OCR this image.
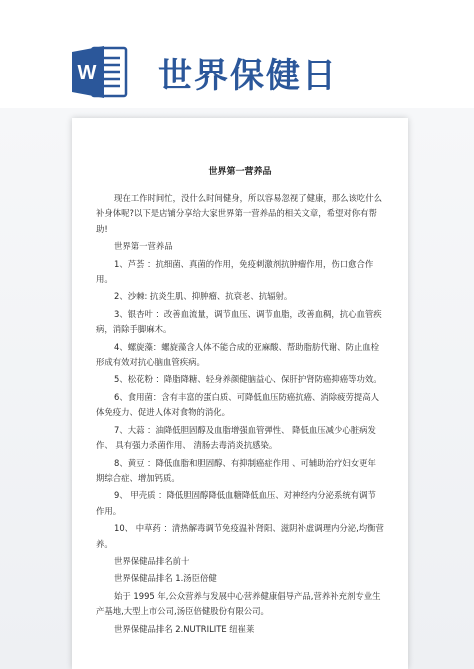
W 世界保健日
世界第一营养品

现在工作时间忙，没什么时间健身，所以容易忽视了健康，那么该吃什么补身体呢?以下是店铺分享给大家世界第一营养品的相关文章，希望对你有帮助!

世界第一营养品

1、芦荟 ：抗细菌、真菌的作用，免疫刺激剂抗肿瘤作用，伤口愈合作用。

2、沙棘: 抗炎生肌、抑肿瘤、抗衰老、抗辐射。

3、银杏叶 ：改善血流量，调节血压、调节血脂，改善血稠，抗心血管疾病，消除手脚麻木。

4、螺旋藻：螺旋藻含人体不能合成的亚麻酸、帮助脂肪代谢、防止血栓形成有效对抗心脑血管疾病。

5、松花粉 ：降脂降糖、轻身养颜健脑益心、保肝护肾防癌抑癌等功效。

6、食用菌：含有丰富的蛋白质、可降低血压防癌抗癌、消除疲劳提高人体免疫力、促进人体对食物的消化。

7、大蒜 ：油降低胆固醇及血脂增强血管弹性、 降低血压减少心脏病发作、 具有强力杀菌作用、 清肠去毒消炎抗感染。

8、黄豆 ：降低血脂和胆固醇、有抑制癌症作用 、可辅助治疗妇女更年期综合症、增加钙质。

9、 甲壳质 ：降低胆固醇降低血糖降低血压、对神经内分泌系统有调节作用。

10、 中草药 ：清热解毒调节免疫温补肾阳、滋阴补虚调理内分泌,均衡营养。

世界保健品排名前十

世界保健品排名 1.汤臣倍健

始于 1995 年,公众营养与发展中心营养健康倡导产品,营养补充剂专业生产基地,大型上市公司,汤臣倍健股份有限公司。

世界保健品排名 2.NUTRILITE 纽崔莱
